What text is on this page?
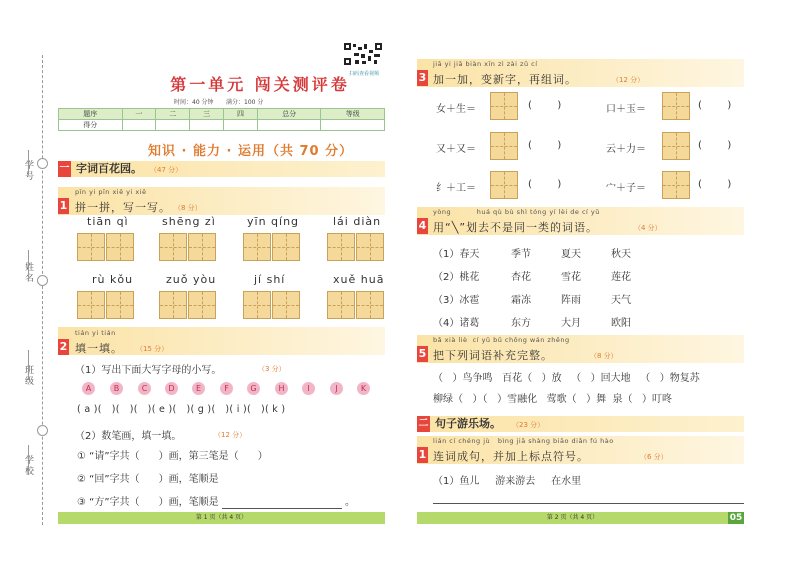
学号
姓名
班级
学校
扫码查看视频
第一单元 闯关测评卷
时间：40 分钟 满分：100 分
题序	一	二	三	四	总分	等级
得分						
知识 · 能力 · 运用（共 70 分）
一 字词百花园。 （47 分）
1
pīn yi pīn xiě yi xiě
拼一拼，写一写。 （8 分）
tiān qì	shēng zì	yīn qíng	lái diàn
rù kǒu	zuǒ yòu	jí shí	xuě huā
2
tián yi tián
填一填。 （15 分）
（1）写出下面大写字母的小写。	（3 分）
A	B	C	D	E	F	G	H	I	J	K
( a )(   )(   )(   )( e )(   )( g )(   )( i )(   )( k )
（2）数笔画，填一填。	（12 分）
① “请”字共（ ）画，第三笔是（ ）
② “回”字共（ ）画，笔顺是
③ “方”字共（ ）画，笔顺是	。
第 1 页（共 4 页）
3
jiā yi jiā biàn xīn zì zài zǔ cí
加一加，变新字，再组词。	（12 分）
女＋生＝	(        )	口＋玉＝	(        )
又＋又＝	(        )	云＋力＝	(        )
纟＋工＝	(        )	宀＋子＝	(        )
4
yòng          huá qù bù shì tóng yí lèi de cí yǔ
用“╲”划去不是同一类的词语。	（4 分）
（1）春天	季节	夏天	秋天
（2）桃花	杏花	雪花	莲花
（3）冰雹	霜冻	阵雨	天气
（4）诸葛	东方	大月	欧阳
5
bǎ xià liè  cí yǔ bǔ chōng wán zhěng
把下列词语补充完整。	（8 分）
（   ）鸟争鸣   百花（   ）放   （   ）回大地   （   ）物复苏
柳绿（   ）（   ）雪融化   莺歌（   ）舞  泉（   ）叮咚
二 句子游乐场。 （23 分）
1
lián cí chéng jù   bìng jiā shàng biāo diǎn fú hào
连词成句，并加上标点符号。	（6 分）
（1）鱼儿     游来游去     在水里
第 2 页（共 4 页）	05
